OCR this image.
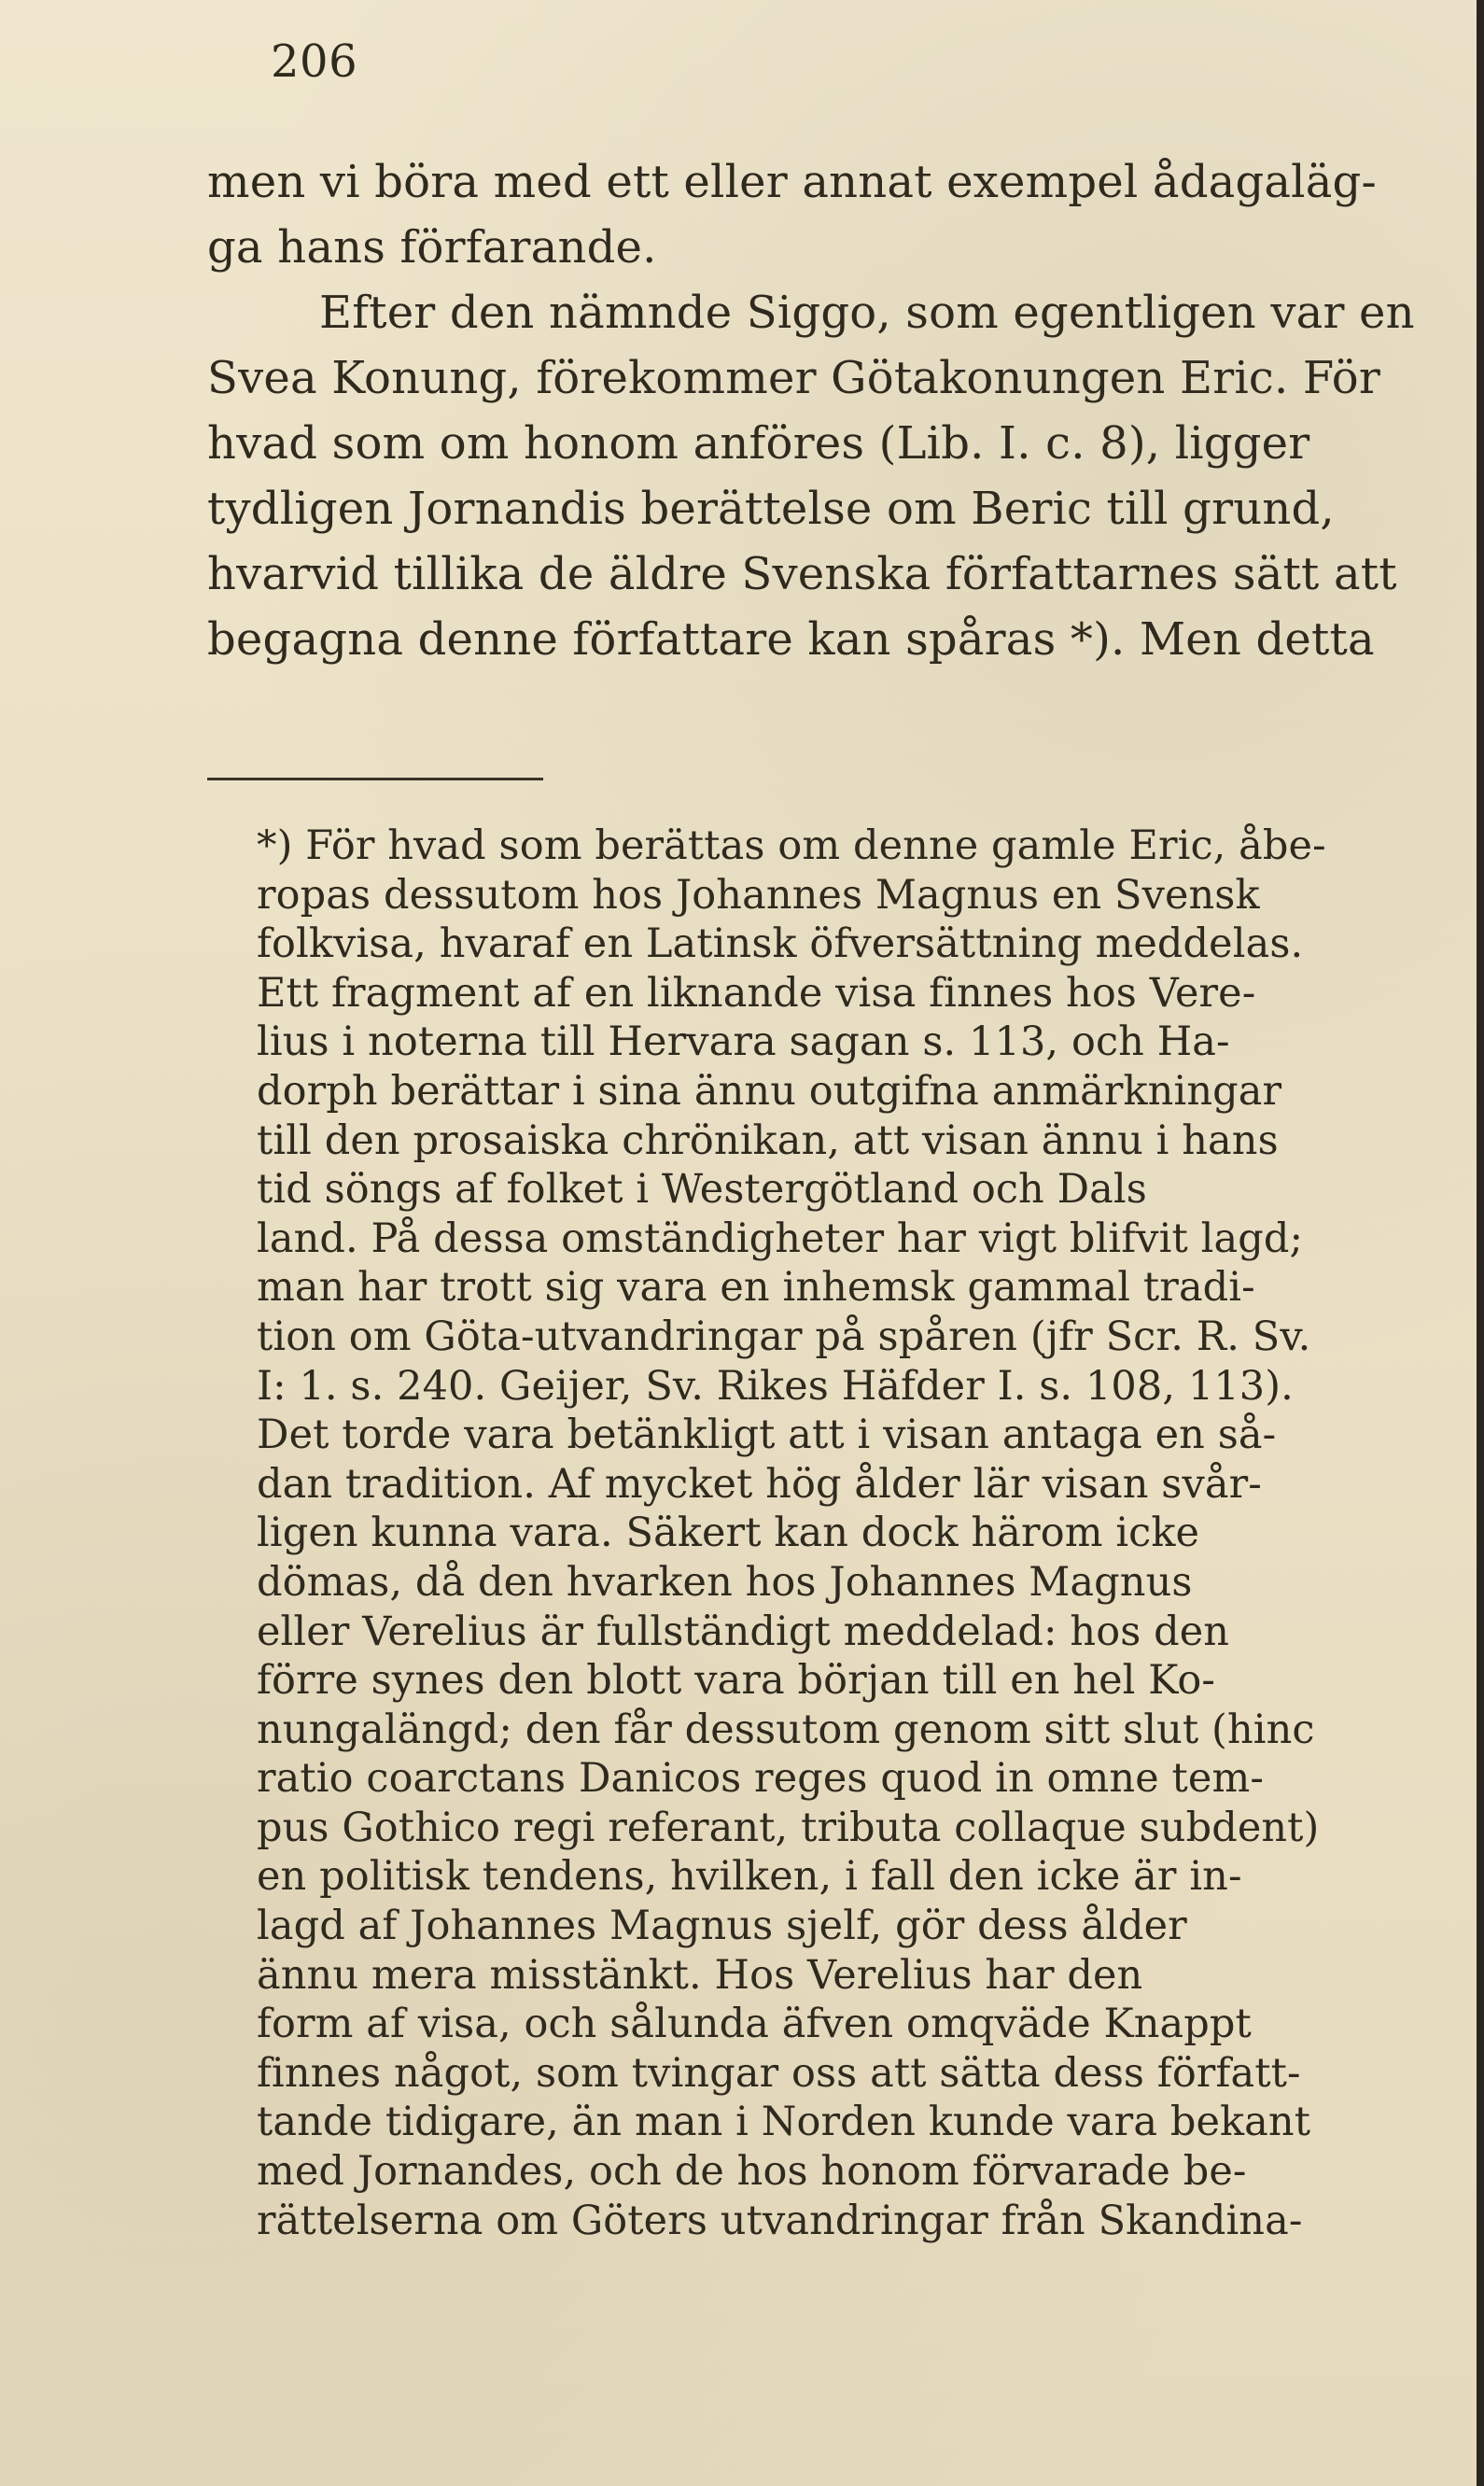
206
men vi böra med ett eller annat exempel ådagaläg-
ga hans förfarande.
Efter den nämnde Siggo, som egentligen var en
Svea Konung, förekommer Götakonungen Eric. För
hvad som om honom anföres (Lib. I. c. 8), ligger
tydligen Jornandis berättelse om Beric till grund,
hvarvid tillika de äldre Svenska författarnes sätt att
begagna denne författare kan spåras *). Men detta
*) För hvad som berättas om denne gamle Eric, åbe-
ropas dessutom hos Johannes Magnus en Svensk
folkvisa, hvaraf en Latinsk öfversättning meddelas.
Ett fragment af en liknande visa finnes hos Vere-
lius i noterna till Hervara sagan s. 113, och Ha-
dorph berättar i sina ännu outgifna anmärkningar
till den prosaiska chrönikan, att visan ännu i hans
tid söngs af folket i Westergötland och Dals
land. På dessa omständigheter har vigt blifvit lagd;
man har trott sig vara en inhemsk gammal tradi-
tion om Göta-utvandringar på spåren (jfr Scr. R. Sv.
I: 1. s. 240. Geijer, Sv. Rikes Häfder I. s. 108, 113).
Det torde vara betänkligt att i visan antaga en så-
dan tradition. Af mycket hög ålder lär visan svår-
ligen kunna vara. Säkert kan dock härom icke
dömas, då den hvarken hos Johannes Magnus
eller Verelius är fullständigt meddelad: hos den
förre synes den blott vara början till en hel Ko-
nungalängd; den får dessutom genom sitt slut (hinc
ratio coarctans Danicos reges quod in omne tem-
pus Gothico regi referant, tributa collaque subdent)
en politisk tendens, hvilken, i fall den icke är in-
lagd af Johannes Magnus sjelf, gör dess ålder
ännu mera misstänkt. Hos Verelius har den
form af visa, och sålunda äfven omqväde Knappt
finnes något, som tvingar oss att sätta dess författ-
tande tidigare, än man i Norden kunde vara bekant
med Jornandes, och de hos honom förvarade be-
rättelserna om Göters utvandringar från Skandina-
